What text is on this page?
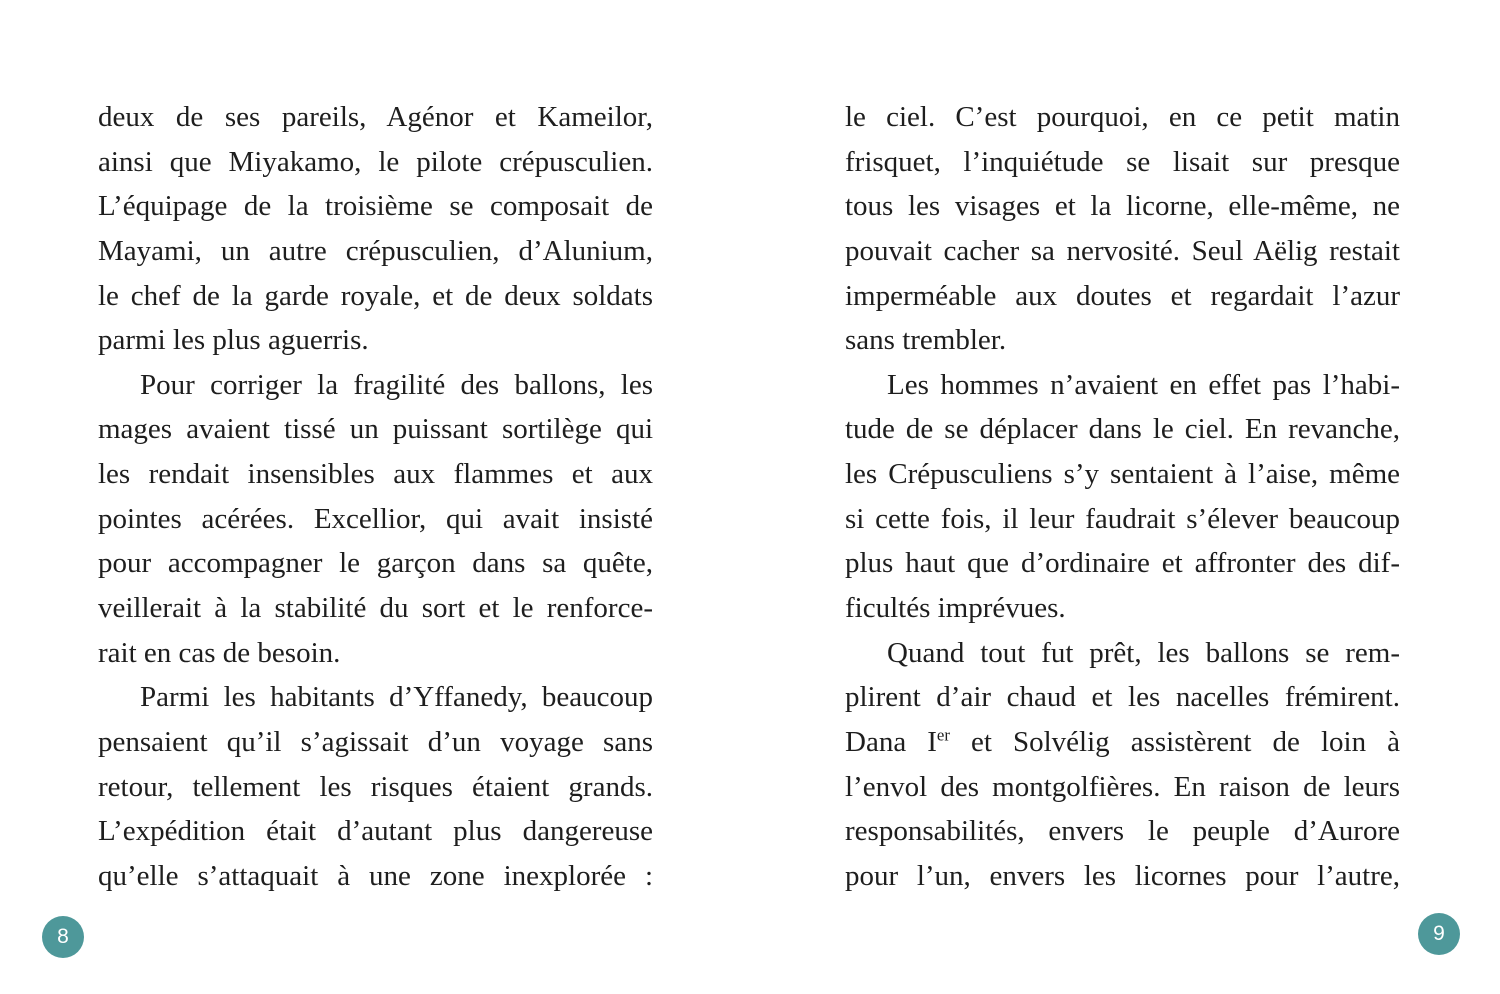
deux de ses pareils, Agénor et Kameilor,
ainsi que Miyakamo, le pilote crépusculien.
L’équipage de la troisième se composait de
Mayami, un autre crépusculien, d’Alunium,
le chef de la garde royale, et de deux soldats
parmi les plus aguerris.
Pour corriger la fragilité des ballons, les
mages avaient tissé un puissant sortilège qui
les rendait insensibles aux flammes et aux
pointes acérées. Excellior, qui avait insisté
pour accompagner le garçon dans sa quête,
veillerait à la stabilité du sort et le renforce-
rait en cas de besoin.
Parmi les habitants d’Yffanedy, beaucoup
pensaient qu’il s’agissait d’un voyage sans
retour, tellement les risques étaient grands.
L’expédition était d’autant plus dangereuse
qu’elle s’attaquait à une zone inexplorée :
le ciel. C’est pourquoi, en ce petit matin
frisquet, l’inquiétude se lisait sur presque
tous les visages et la licorne, elle-même, ne
pouvait cacher sa nervosité. Seul Aëlig restait
imperméable aux doutes et regardait l’azur
sans trembler.
Les hommes n’avaient en effet pas l’habi-
tude de se déplacer dans le ciel. En revanche,
les Crépusculiens s’y sentaient à l’aise, même
si cette fois, il leur faudrait s’élever beaucoup
plus haut que d’ordinaire et affronter des dif-
ficultés imprévues.
Quand tout fut prêt, les ballons se rem-
plirent d’air chaud et les nacelles frémirent.
Dana Ier et Solvélig assistèrent de loin à
l’envol des montgolfières. En raison de leurs
responsabilités, envers le peuple d’Aurore
pour l’un, envers les licornes pour l’autre,
8	9
